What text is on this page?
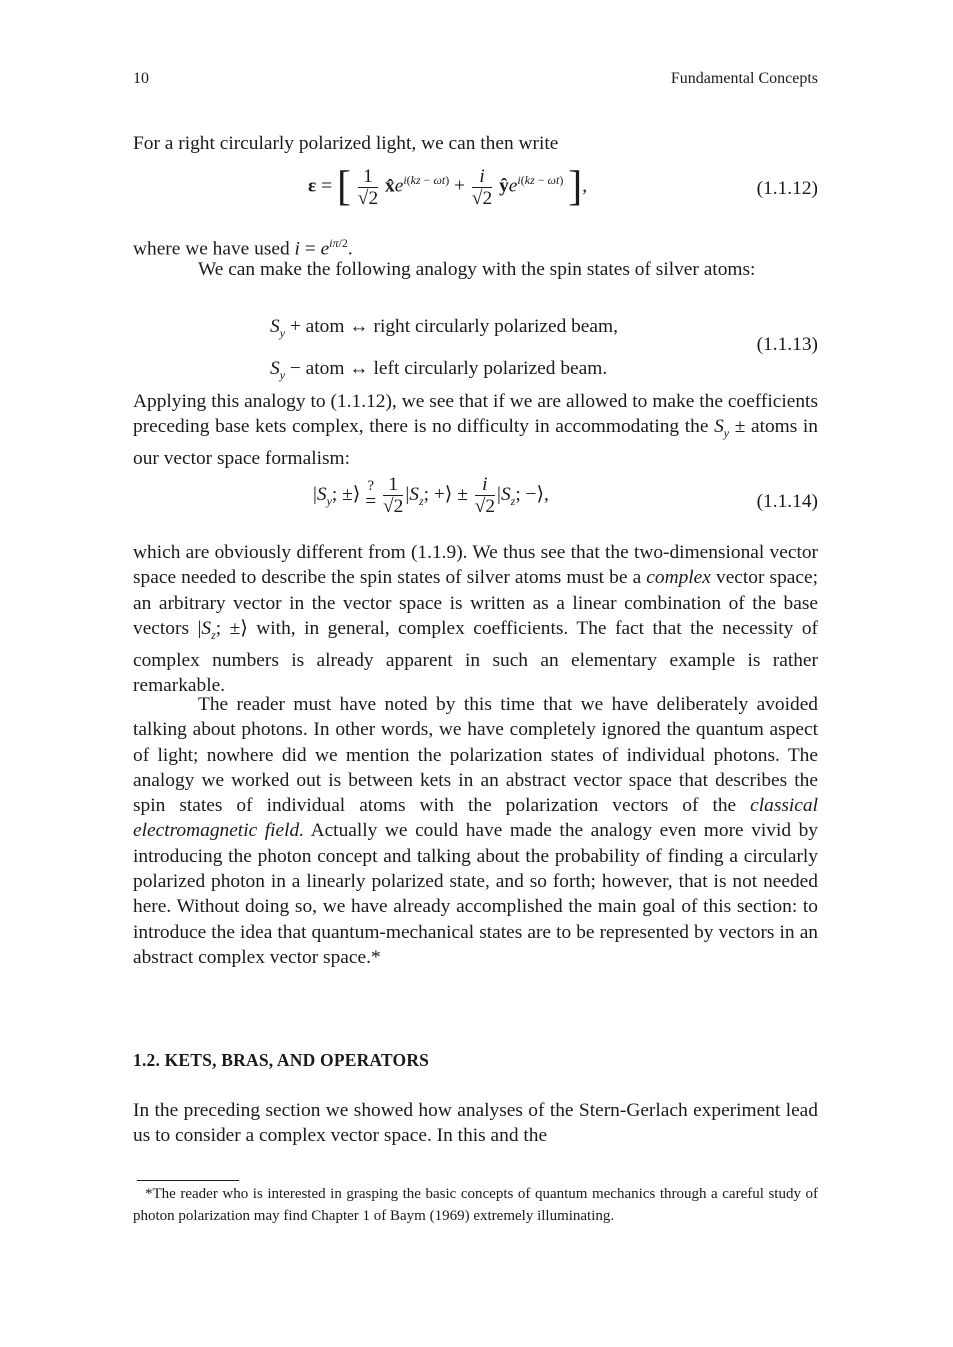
10	Fundamental Concepts

For a right circularly polarized light, we can then write

ε = [ $\frac{1}{√2}$ $x̂e^{i(kz - \omega t)} + \frac{i}{√2}$ $ŷe^{i(kz - \omega t)}$ ],	(1.1.12)

where we have used $i = e^{i\pi/2}$.

We can make the following analogy with the spin states of silver atoms:

$S_y$ + atom ↔ right circularly polarized beam,
$S_y$ − atom ↔ left circularly polarized beam.
(1.1.13)

Applying this analogy to (1.1.12), we see that if we are allowed to make the coefficients preceding base kets complex, there is no difficulty in accommodating the $S_y$ ± atoms in our vector space formalism:

$|S_y$; ±⟩ ?
=
$\frac{1}{√2} |S_z$; +⟩ ± $\frac{i}{√2} |S_z$; −⟩,	(1.1.14)

which are obviously different from (1.1.9). We thus see that the two-dimensional vector space needed to describe the spin states of silver atoms must be a complex vector space; an arbitrary vector in the vector space is written as a linear combination of the base vectors $|S_z$; ±⟩ with, in general, complex coefficients. The fact that the necessity of complex numbers is already apparent in such an elementary example is rather remarkable.

The reader must have noted by this time that we have deliberately avoided talking about photons. In other words, we have completely ignored the quantum aspect of light; nowhere did we mention the polarization states of individual photons. The analogy we worked out is between kets in an abstract vector space that describes the spin states of individual atoms with the polarization vectors of the classical electromagnetic field. Actually we could have made the analogy even more vivid by introducing the photon concept and talking about the probability of finding a circularly polarized photon in a linearly polarized state, and so forth; however, that is not needed here. Without doing so, we have already accomplished the main goal of this section: to introduce the idea that quantum-mechanical states are to be represented by vectors in an abstract complex vector space.*

1.2. KETS, BRAS, AND OPERATORS

In the preceding section we showed how analyses of the Stern-Gerlach experiment lead us to consider a complex vector space. In this and the

*The reader who is interested in grasping the basic concepts of quantum mechanics through a careful study of photon polarization may find Chapter 1 of Baym (1969) extremely illuminating.
